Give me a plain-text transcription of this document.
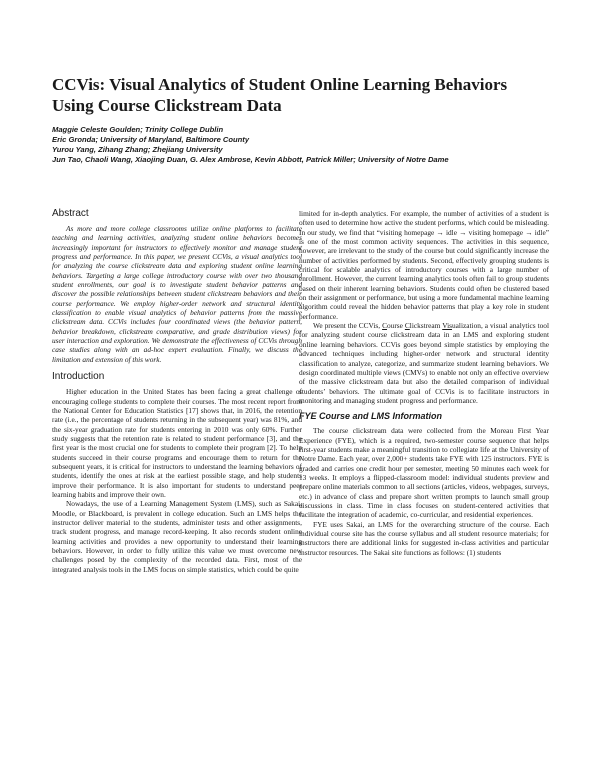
CCVis: Visual Analytics of Student Online Learning Behaviors Using Course Clickstream Data
Maggie Celeste Goulden; Trinity College Dublin
Eric Gronda; University of Maryland, Baltimore County
Yurou Yang, Zihang Zhang; Zhejiang University
Jun Tao, Chaoli Wang, Xiaojing Duan, G. Alex Ambrose, Kevin Abbott, Patrick Miller; University of Notre Dame
Abstract

As more and more college classrooms utilize online platforms to facilitate teaching and learning activities, analyzing student online behaviors becomes increasingly important for instructors to effectively monitor and manage student progress and performance. In this paper, we present CCVis, a visual analytics tool for analyzing the course clickstream data and exploring student online learning behaviors. Targeting a large college introductory course with over two thousand student enrollments, our goal is to investigate student behavior patterns and discover the possible relationships between student clickstream behaviors and their course performance. We employ higher-order network and structural identity classification to enable visual analytics of behavior patterns from the massive clickstream data. CCVis includes four coordinated views (the behavior pattern, behavior breakdown, clickstream comparative, and grade distribution views) for user interaction and exploration. We demonstrate the effectiveness of CCVis through case studies along with an ad-hoc expert evaluation. Finally, we discuss the limitation and extension of this work.

Introduction

Higher education in the United States has been facing a great challenge of encouraging college students to complete their courses. The most recent report from the National Center for Education Statistics [17] shows that, in 2016, the retention rate (i.e., the percentage of students returning in the subsequent year) was 81%, and the six-year graduation rate for students entering in 2010 was only 60%. Further study suggests that the retention rate is related to student performance [3], and the first year is the most crucial one for students to complete their program [2]. To help students succeed in their course programs and encourage them to return for the subsequent years, it is critical for instructors to understand the learning behaviors of students, identify the ones at risk at the earliest possible stage, and help students improve their performance. It is also important for students to understand peer learning habits and improve their own.

Nowadays, the use of a Learning Management System (LMS), such as Sakai, Moodle, or Blackboard, is prevalent in college education. Such an LMS helps the instructor deliver material to the students, administer tests and other assignments, track student progress, and manage record-keeping. It also records student online learning activities and provides a new opportunity to understand their learning behaviors. However, in order to fully utilize this value we must overcome new challenges posed by the complexity of the recorded data. First, most of the integrated analysis tools in the LMS focus on simple statistics, which could be quite

limited for in-depth analytics. For example, the number of activities of a student is often used to determine how active the student performs, which could be misleading. In our study, we find that “visiting homepage → idle → visiting homepage → idle” is one of the most common activity sequences. The activities in this sequence, however, are irrelevant to the study of the course but could significantly increase the number of activities performed by students. Second, effectively grouping students is critical for scalable analytics of introductory courses with a large number of enrollment. However, the current learning analytics tools often fail to group students based on their inherent learning behaviors. Students could often be clustered based on their assignment or performance, but using a more fundamental machine learning algorithm could reveal the hidden behavior patterns that play a key role in student performance.

We present the CCVis, Course Clickstream Visualization, a visual analytics tool for analyzing student course clickstream data in an LMS and exploring student online learning behaviors. CCVis goes beyond simple statistics by employing the advanced techniques including higher-order network and structural identity classification to analyze, categorize, and summarize student learning behaviors. We design coordinated multiple views (CMVs) to enable not only an effective overview of the massive clickstream data but also the detailed comparison of individual students’ behaviors. The ultimate goal of CCVis is to facilitate instructors in monitoring and managing student progress and performance.

FYE Course and LMS Information

The course clickstream data were collected from the Moreau First Year Experience (FYE), which is a required, two-semester course sequence that helps first-year students make a meaningful transition to collegiate life at the University of Notre Dame. Each year, over 2,000+ students take FYE with 125 instructors. FYE is graded and carries one credit hour per semester, meeting 50 minutes each week for 13 weeks. It employs a flipped-classroom model: individual students preview and prepare online materials common to all sections (articles, videos, webpages, surveys, etc.) in advance of class and prepare short written prompts to launch small group discussions in class. Time in class focuses on student-centered activities that facilitate the integration of academic, co-curricular, and residential experiences.

FYE uses Sakai, an LMS for the overarching structure of the course. Each individual course site has the course syllabus and all student resource materials; for instructors there are additional links for suggested in-class activities and particular instructor resources. The Sakai site functions as follows: (1) students
